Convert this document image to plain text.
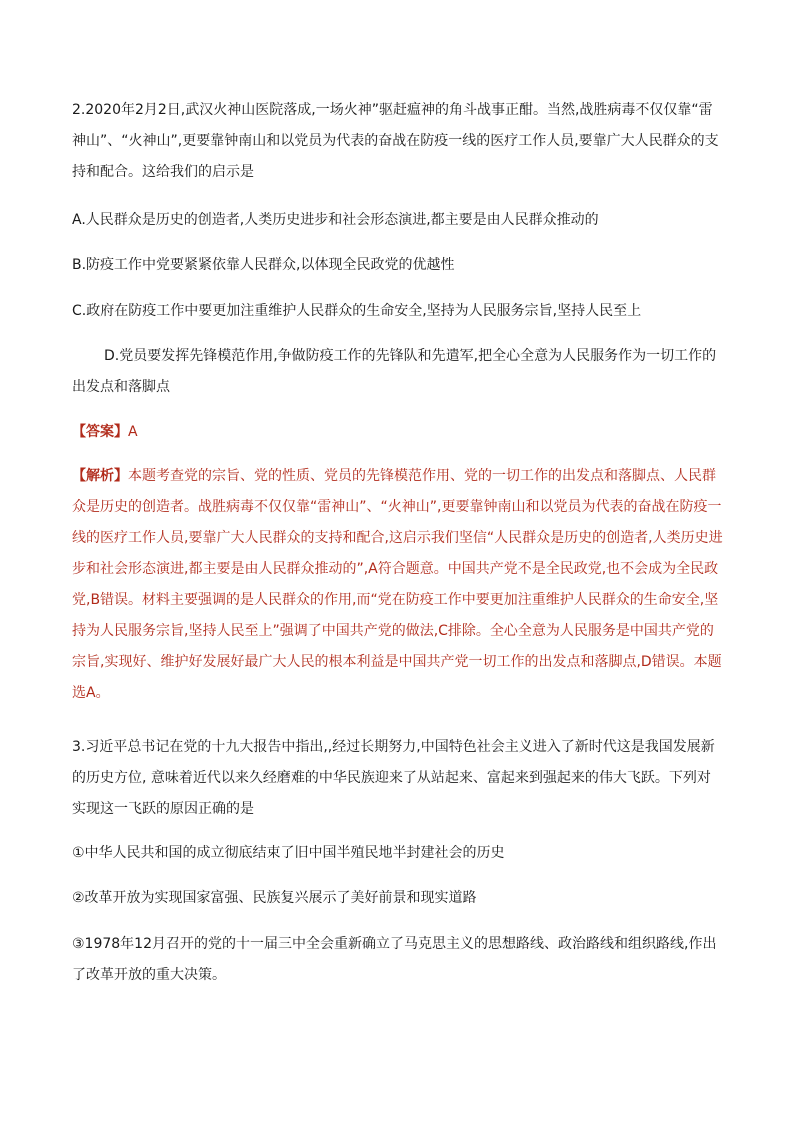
2.2020年2月2日,武汉火神山医院落成,一场火神”驱赶瘟神的角斗战事正酣。当然,战胜病毒不仅仅靠“雷神山”、“火神山”,更要靠钟南山和以党员为代表的奋战在防疫一线的医疗工作人员,要靠广大人民群众的支持和配合。这给我们的启示是

A.人民群众是历史的创造者,人类历史进步和社会形态演进,都主要是由人民群众推动的

B.防疫工作中党要紧紧依靠人民群众,以体现全民政党的优越性

C.政府在防疫工作中要更加注重维护人民群众的生命安全,坚持为人民服务宗旨,坚持人民至上

D.党员要发挥先锋模范作用,争做防疫工作的先锋队和先遣军,把全心全意为人民服务作为一切工作的出发点和落脚点

【答案】A

【解析】本题考查党的宗旨、党的性质、党员的先锋模范作用、党的一切工作的出发点和落脚点、人民群众是历史的创造者。战胜病毒不仅仅靠“雷神山”、“火神山”,更要靠钟南山和以党员为代表的奋战在防疫一线的医疗工作人员,要靠广大人民群众的支持和配合,这启示我们坚信“人民群众是历史的创造者,人类历史进步和社会形态演进,都主要是由人民群众推动的”,A符合题意。中国共产党不是全民政党,也不会成为全民政党,B错误。材料主要强调的是人民群众的作用,而“党在防疫工作中要更加注重维护人民群众的生命安全,坚持为人民服务宗旨,坚持人民至上”强调了中国共产党的做法,C排除。全心全意为人民服务是中国共产党的宗旨,实现好、维护好发展好最广大人民的根本利益是中国共产党一切工作的出发点和落脚点,D错误。本题选A。

3.习近平总书记在党的十九大报告中指出,,经过长期努力,中国特色社会主义进入了新时代这是我国发展新的历史方位, 意味着近代以来久经磨难的中华民族迎来了从站起来、富起来到强起来的伟大飞跃。下列对实现这一飞跃的原因正确的是

①中华人民共和国的成立彻底结束了旧中国半殖民地半封建社会的历史

②改革开放为实现国家富强、民族复兴展示了美好前景和现实道路

③1978年12月召开的党的十一届三中全会重新确立了马克思主义的思想路线、政治路线和组织路线,作出了改革开放的重大决策。
